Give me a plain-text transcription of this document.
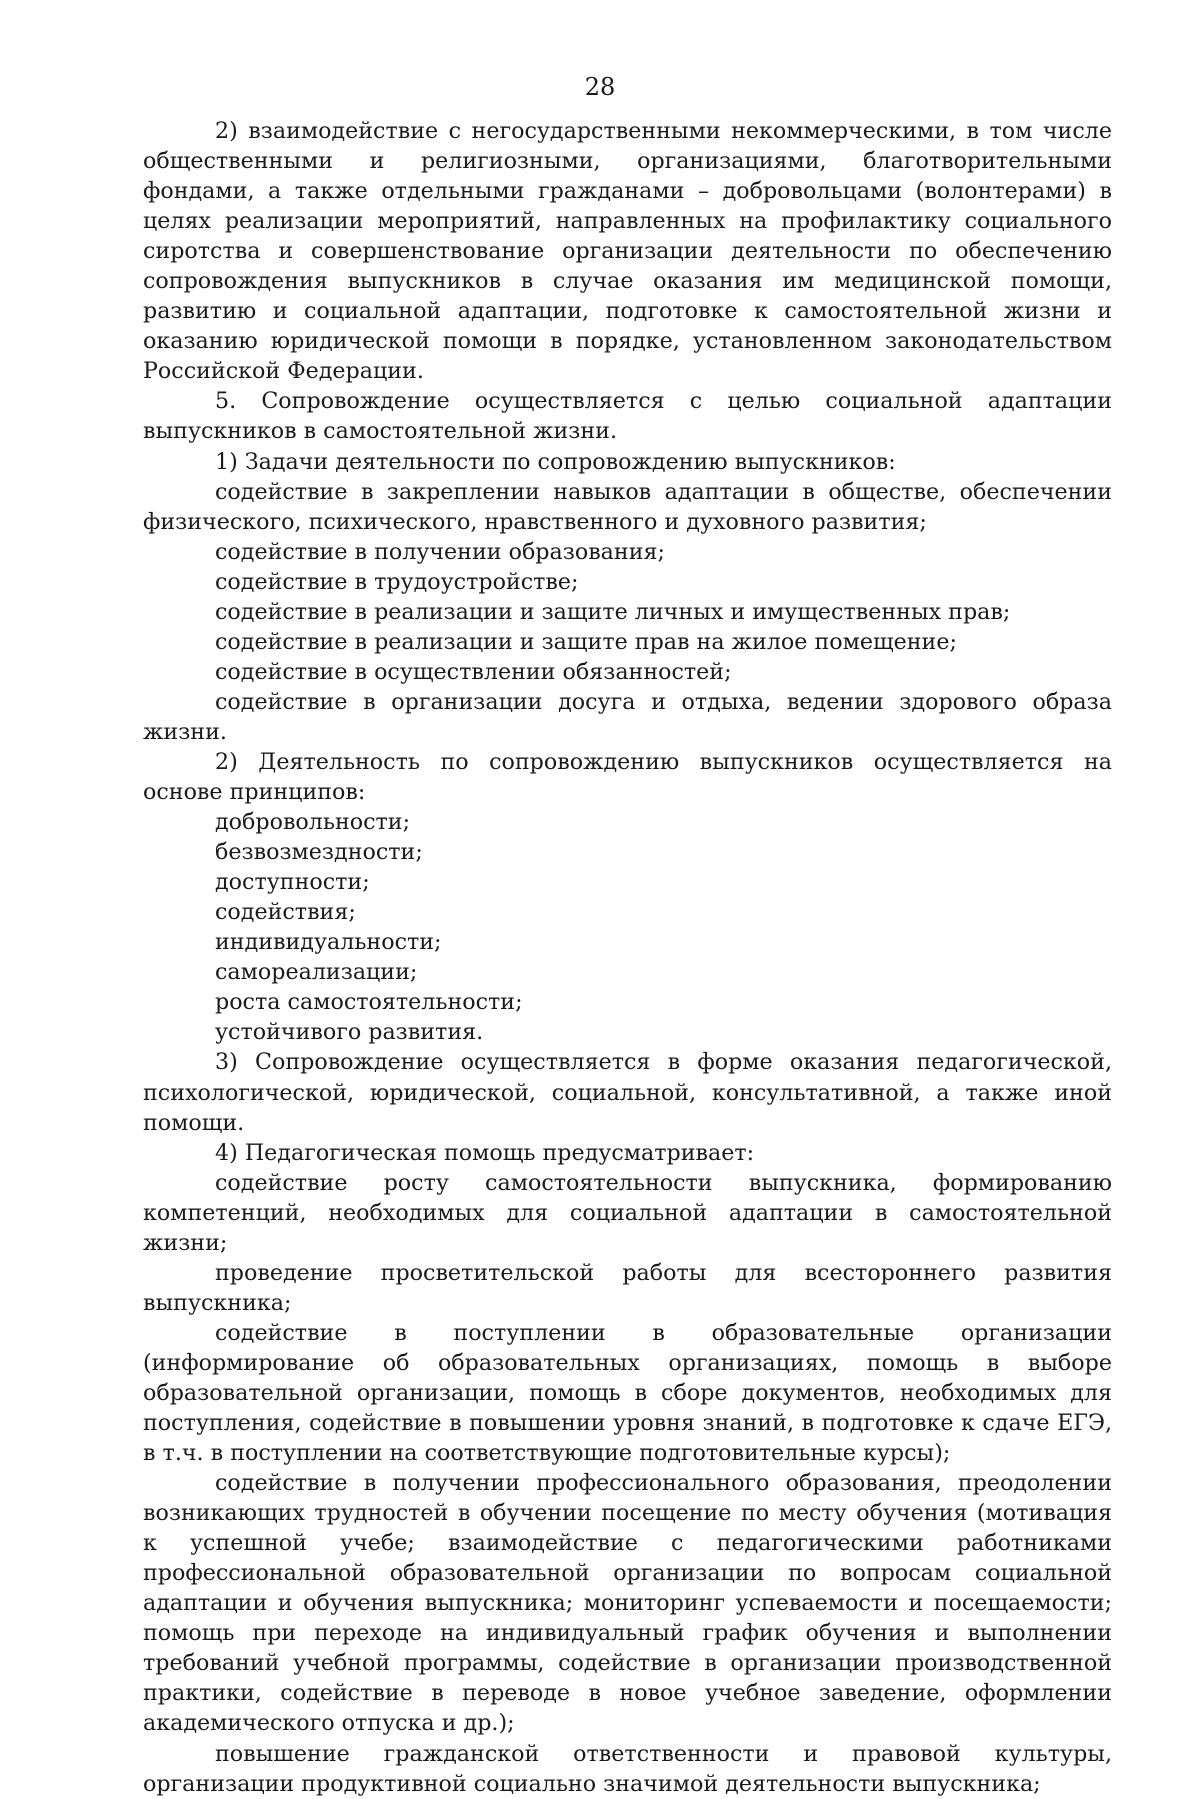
28

2) взаимодействие с негосударственными некоммерческими, в том числе общественными и религиозными, организациями, благотворительными фондами, а также отдельными гражданами – добровольцами (волонтерами) в целях реализации мероприятий, направленных на профилактику социального сиротства и совершенствование организации деятельности по обеспечению сопровождения выпускников в случае оказания им медицинской помощи, развитию и социальной адаптации, подготовке к самостоятельной жизни и оказанию юридической помощи в порядке, установленном законодательством Российской Федерации.

5. Сопровождение осуществляется с целью социальной адаптации выпускников в самостоятельной жизни.

1) Задачи деятельности по сопровождению выпускников:

содействие в закреплении навыков адаптации в обществе, обеспечении физического, психического, нравственного и духовного развития;

содействие в получении образования;

содействие в трудоустройстве;

содействие в реализации и защите личных и имущественных прав;

содействие в реализации и защите прав на жилое помещение;

содействие в осуществлении обязанностей;

содействие в организации досуга и отдыха, ведении здорового образа жизни.

2) Деятельность по сопровождению выпускников осуществляется на основе принципов:

добровольности;

безвозмездности;

доступности;

содействия;

индивидуальности;

самореализации;

роста самостоятельности;

устойчивого развития.

3) Сопровождение осуществляется в форме оказания педагогической, психологической, юридической, социальной, консультативной, а также иной помощи.

4) Педагогическая помощь предусматривает:

содействие росту самостоятельности выпускника, формированию компетенций, необходимых для социальной адаптации в самостоятельной жизни;

проведение просветительской работы для всестороннего развития выпускника;

содействие в поступлении в образовательные организации (информирование об образовательных организациях, помощь в выборе образовательной организации, помощь в сборе документов, необходимых для поступления, содействие в повышении уровня знаний, в подготовке к сдаче ЕГЭ, в т.ч. в поступлении на соответствующие подготовительные курсы);

содействие в получении профессионального образования, преодолении возникающих трудностей в обучении посещение по месту обучения (мотивация к успешной учебе; взаимодействие с педагогическими работниками профессиональной образовательной организации по вопросам социальной адаптации и обучения выпускника; мониторинг успеваемости и посещаемости; помощь при переходе на индивидуальный график обучения и выполнении требований учебной программы, содействие в организации производственной практики, содействие в переводе в новое учебное заведение, оформлении академического отпуска и др.);

повышение гражданской ответственности и правовой культуры, организации продуктивной социально значимой деятельности выпускника;
